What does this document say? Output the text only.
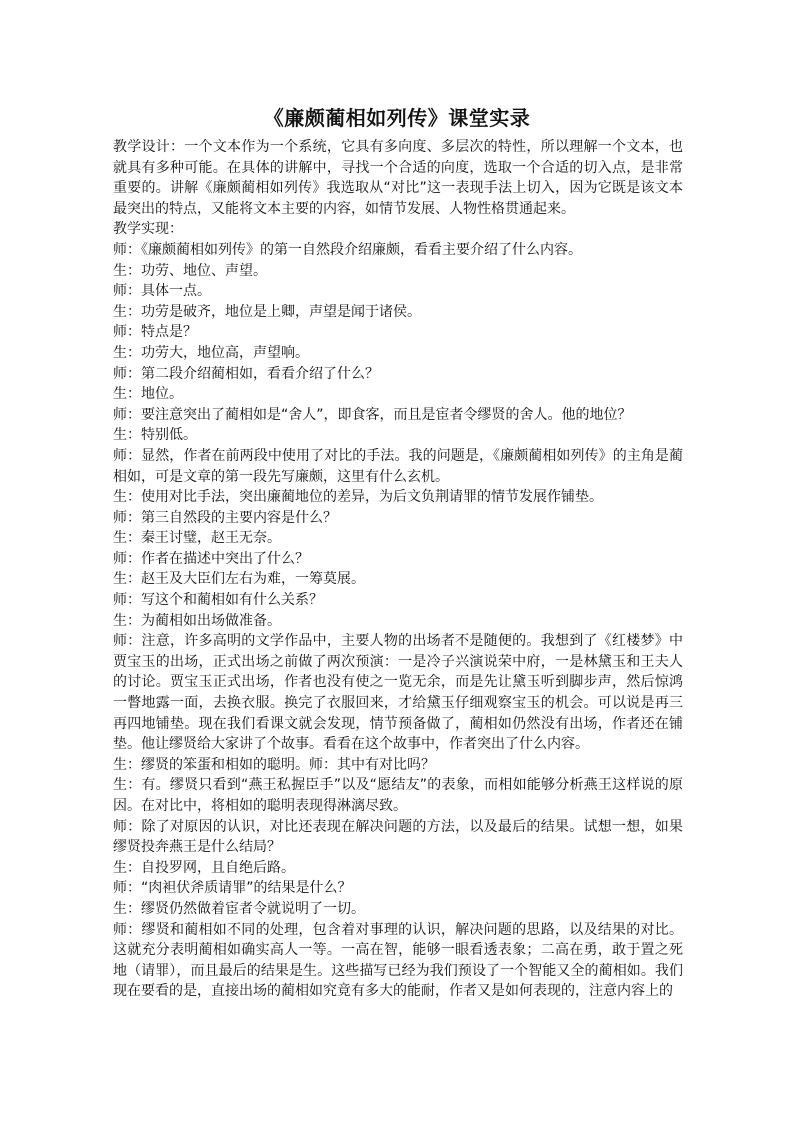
《廉颇蔺相如列传》课堂实录

教学设计：一个文本作为一个系统，它具有多向度、多层次的特性，所以理解一个文本，也就具有多种可能。在具体的讲解中，寻找一个合适的向度，选取一个合适的切入点，是非常重要的。讲解《廉颇蔺相如列传》我选取从“对比”这一表现手法上切入，因为它既是该文本最突出的特点，又能将文本主要的内容，如情节发展、人物性格贯通起来。

教学实现：

师：《廉颇蔺相如列传》的第一自然段介绍廉颇，看看主要介绍了什么内容。

生：功劳、地位、声望。

师：具体一点。

生：功劳是破齐，地位是上卿，声望是闻于诸侯。

师：特点是？

生：功劳大，地位高，声望响。

师：第二段介绍蔺相如，看看介绍了什么？

生：地位。

师：要注意突出了蔺相如是“舍人”，即食客，而且是宦者令缪贤的舍人。他的地位？

生：特别低。

师：显然，作者在前两段中使用了对比的手法。我的问题是，《廉颇蔺相如列传》的主角是蔺相如，可是文章的第一段先写廉颇，这里有什么玄机。

生：使用对比手法，突出廉蔺地位的差异，为后文负荆请罪的情节发展作铺垫。

师：第三自然段的主要内容是什么？

生：秦王讨璧，赵王无奈。

师：作者在描述中突出了什么？

生：赵王及大臣们左右为难，一筹莫展。

师：写这个和蔺相如有什么关系？

生：为蔺相如出场做准备。

师：注意，许多高明的文学作品中，主要人物的出场者不是随便的。我想到了《红楼梦》中贾宝玉的出场，正式出场之前做了两次预演：一是冷子兴演说荣中府，一是林黛玉和王夫人的讨论。贾宝玉正式出场，作者也没有使之一览无余，而是先让黛玉听到脚步声，然后惊鸿一瞥地露一面，去换衣服。换完了衣服回来，才给黛玉仔细观察宝玉的机会。可以说是再三再四地铺垫。现在我们看课文就会发现，情节预备做了，蔺相如仍然没有出场，作者还在铺垫。他让缪贤给大家讲了个故事。看看在这个故事中，作者突出了什么内容。

生：缪贤的笨蛋和相如的聪明。师：其中有对比吗？

生：有。缪贤只看到“燕王私握臣手”以及“愿结友”的表象，而相如能够分析燕王这样说的原因。在对比中，将相如的聪明表现得淋漓尽致。

师：除了对原因的认识，对比还表现在解决问题的方法，以及最后的结果。试想一想，如果缪贤投奔燕王是什么结局？

生：自投罗网，且自绝后路。

师：“肉袒伏斧质请罪”的结果是什么？

生：缪贤仍然做着宦者令就说明了一切。

师：缪贤和蔺相如不同的处理，包含着对事理的认识，解决问题的思路，以及结果的对比。这就充分表明蔺相如确实高人一等。一高在智，能够一眼看透表象；二高在勇，敢于置之死地（请罪），而且最后的结果是生。这些描写已经为我们预设了一个智能又全的蔺相如。我们现在要看的是，直接出场的蔺相如究竟有多大的能耐，作者又是如何表现的，注意内容上的
